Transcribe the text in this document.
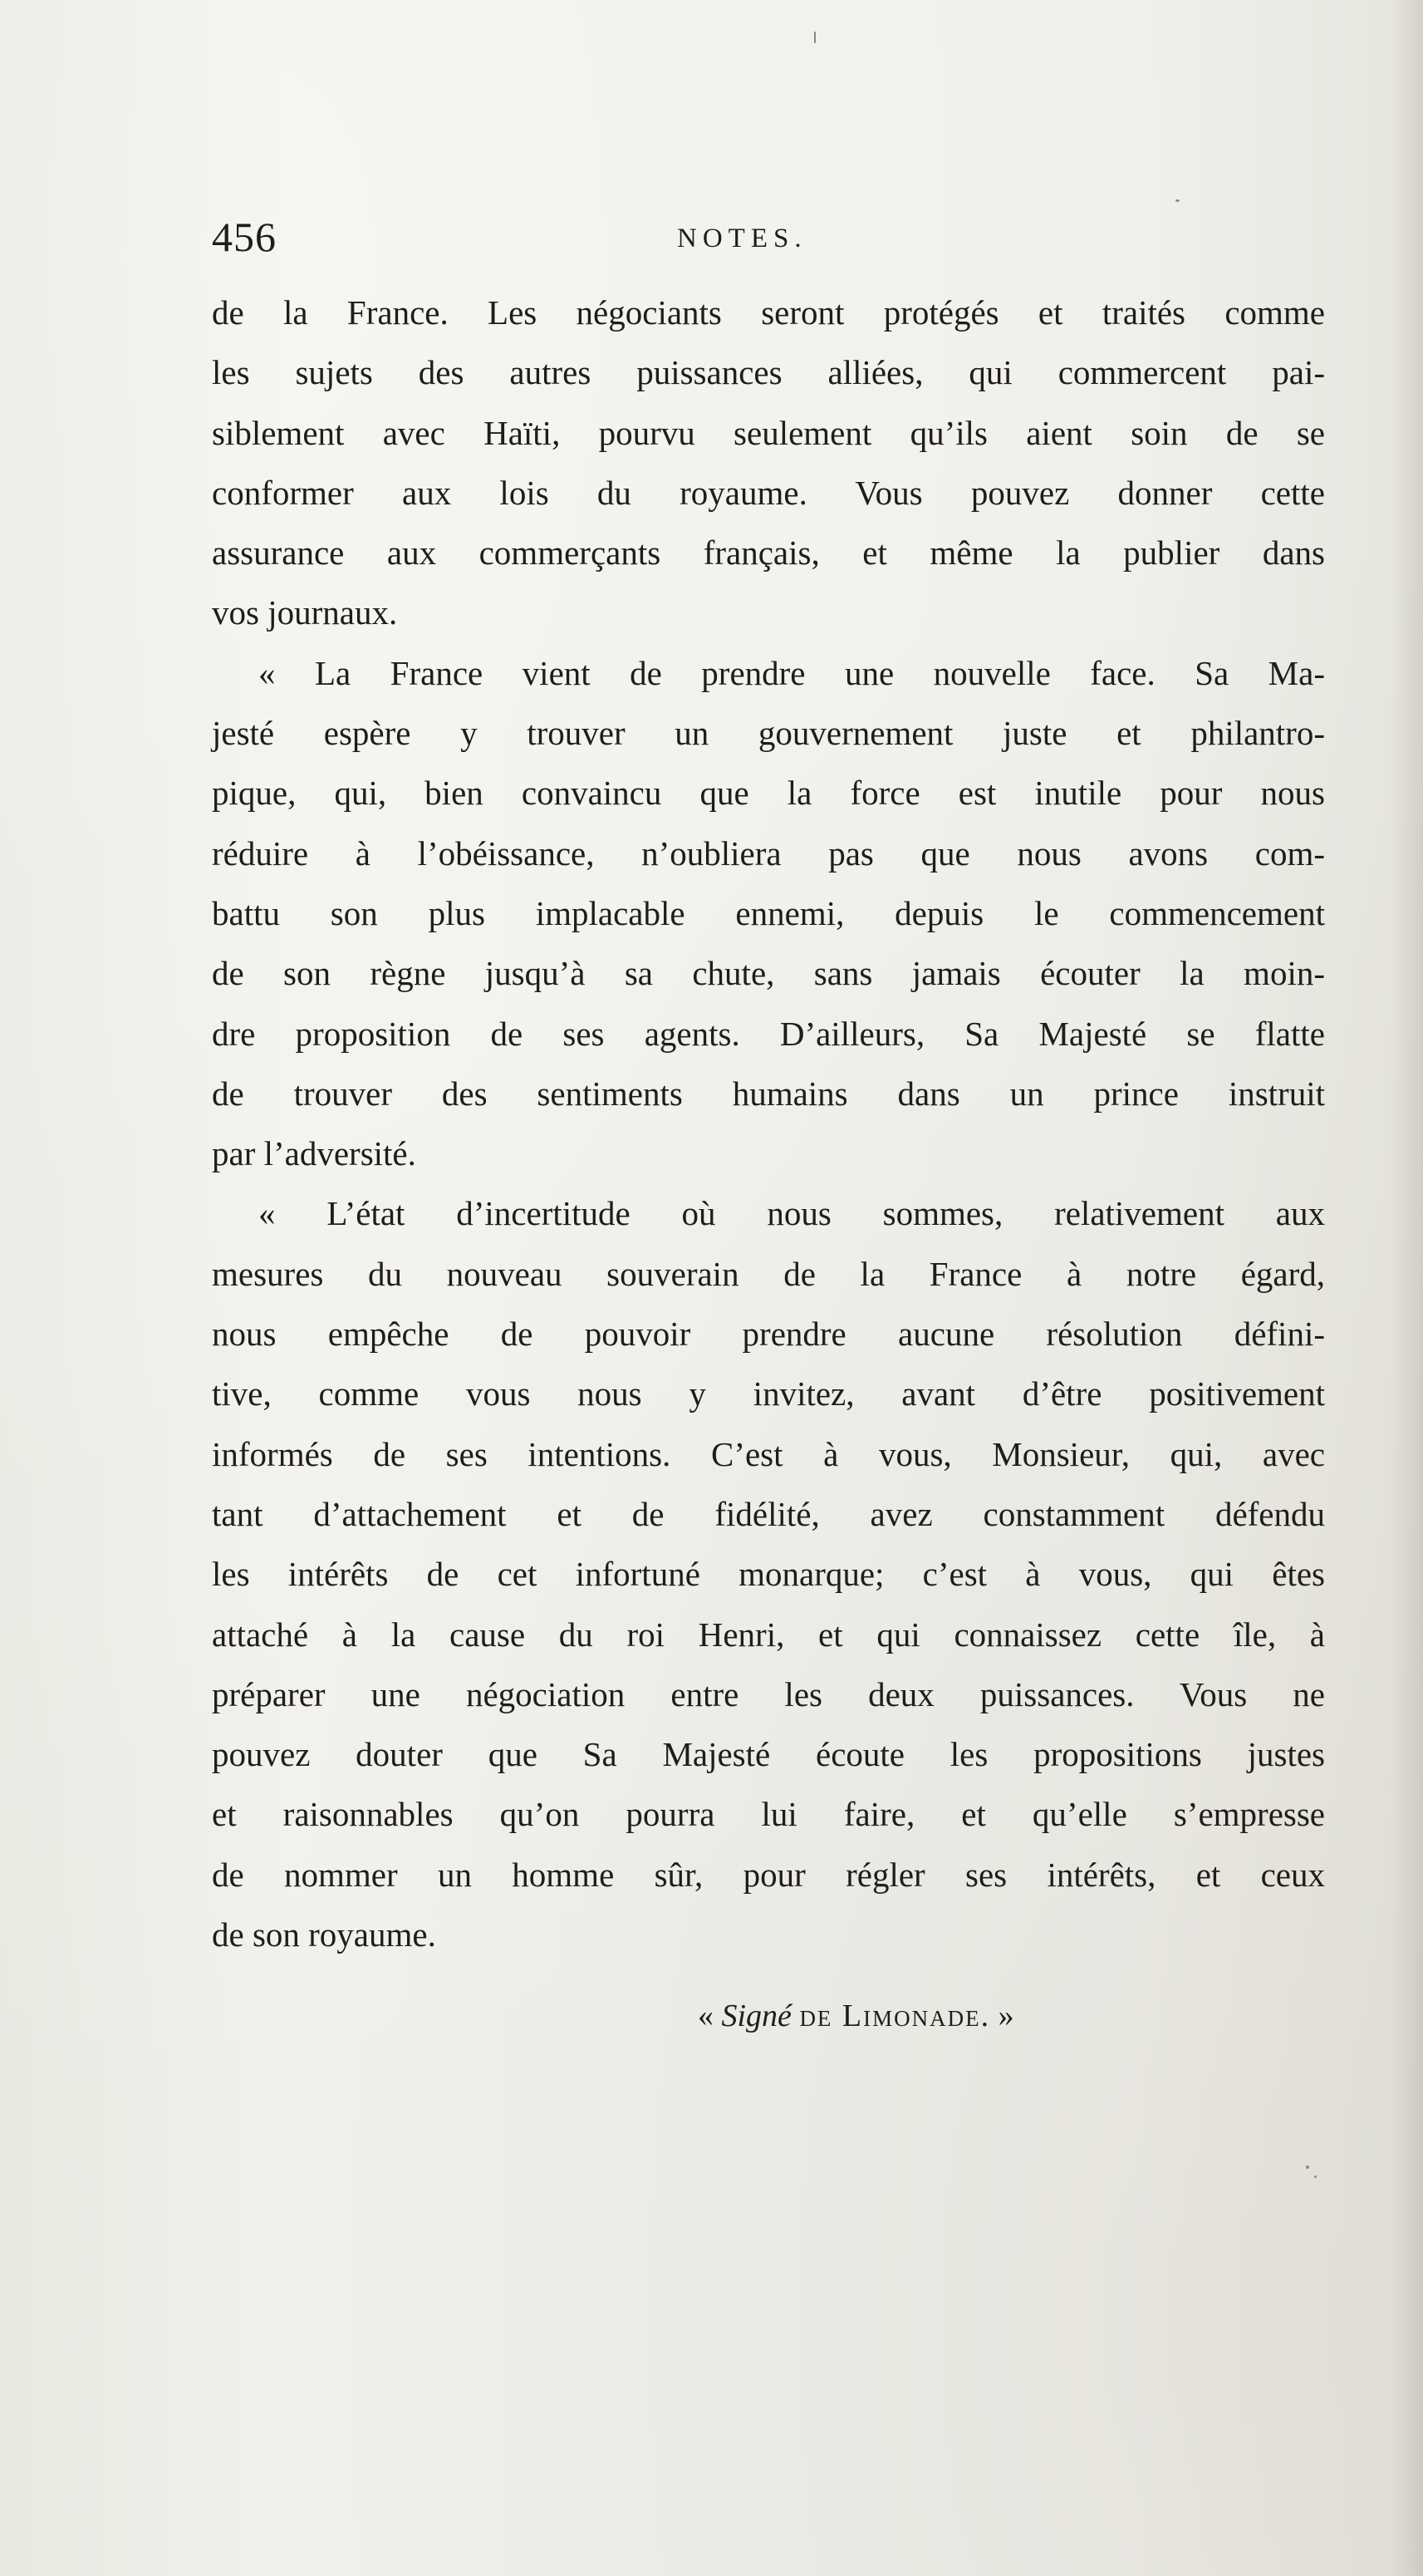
456	NOTES.

de la France. Les négociants seront protégés et traités comme
les sujets des autres puissances alliées, qui commercent pai-
siblement avec Haïti, pourvu seulement qu’ils aient soin de se
conformer aux lois du royaume. Vous pouvez donner cette
assurance aux commerçants français, et même la publier dans
vos journaux.

« La France vient de prendre une nouvelle face. Sa Ma-
jesté espère y trouver un gouvernement juste et philantro-
pique, qui, bien convaincu que la force est inutile pour nous
réduire à l’obéissance, n’oubliera pas que nous avons com-
battu son plus implacable ennemi, depuis le commencement
de son règne jusqu’à sa chute, sans jamais écouter la moin-
dre proposition de ses agents. D’ailleurs, Sa Majesté se flatte
de trouver des sentiments humains dans un prince instruit
par l’adversité.

« L’état d’incertitude où nous sommes, relativement aux
mesures du nouveau souverain de la France à notre égard,
nous empêche de pouvoir prendre aucune résolution défini-
tive, comme vous nous y invitez, avant d’être positivement
informés de ses intentions. C’est à vous, Monsieur, qui, avec
tant d’attachement et de fidélité, avez constamment défendu
les intérêts de cet infortuné monarque; c’est à vous, qui êtes
attaché à la cause du roi Henri, et qui connaissez cette île, à
préparer une négociation entre les deux puissances. Vous ne
pouvez douter que Sa Majesté écoute les propositions justes
et raisonnables qu’on pourra lui faire, et qu’elle s’empresse
de nommer un homme sûr, pour régler ses intérêts, et ceux
de son royaume.

« Signé de Limonade. »
